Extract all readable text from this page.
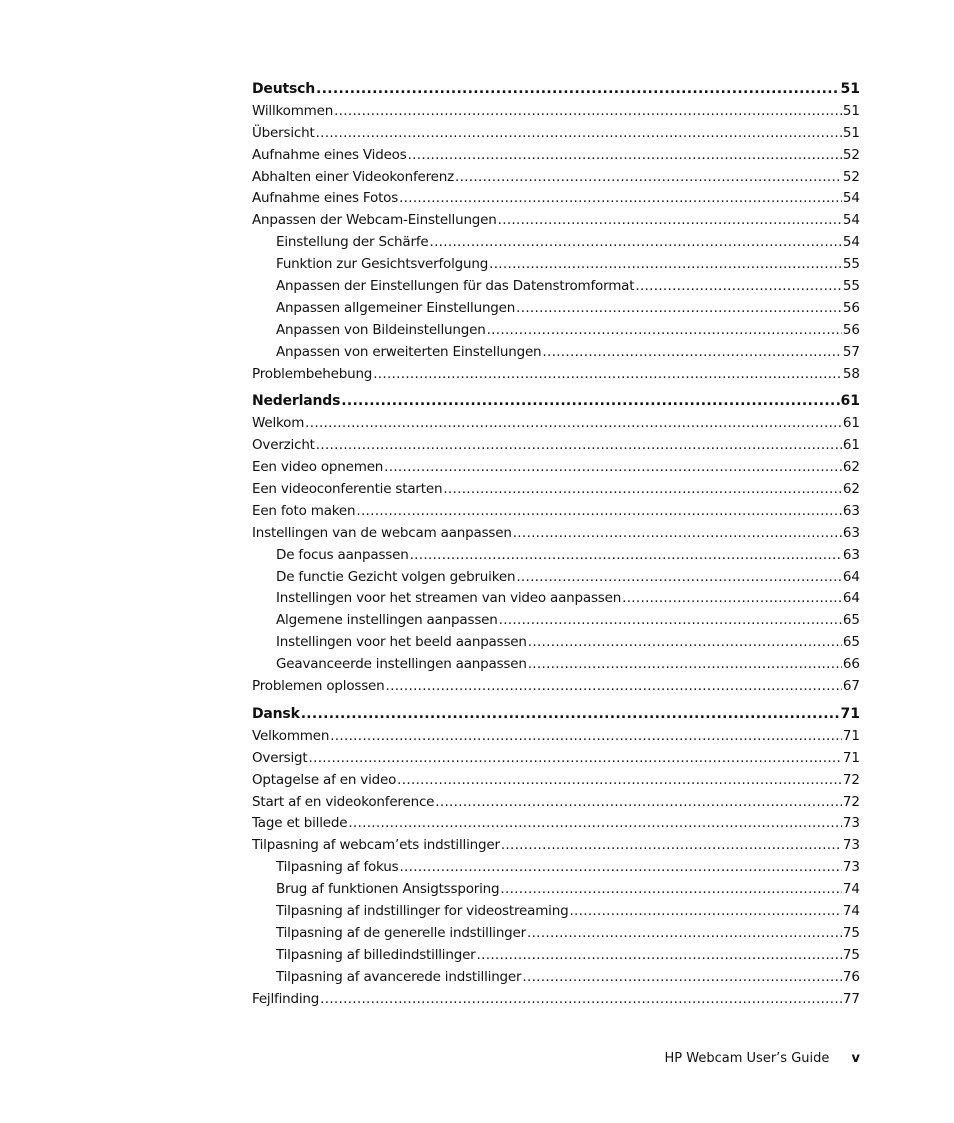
Deutsch .....	51
Willkommen .....	51
Übersicht .....	51
Aufnahme eines Videos .....	52
Abhalten einer Videokonferenz .....	52
Aufnahme eines Fotos .....	54
Anpassen der Webcam-Einstellungen .....	54
Einstellung der Schärfe .....	54
Funktion zur Gesichtsverfolgung .....	55
Anpassen der Einstellungen für das Datenstromformat .....	55
Anpassen allgemeiner Einstellungen .....	56
Anpassen von Bildeinstellungen .....	56
Anpassen von erweiterten Einstellungen .....	57
Problembehebung .....	58
Nederlands .....	61
Welkom .....	61
Overzicht .....	61
Een video opnemen .....	62
Een videoconferentie starten .....	62
Een foto maken .....	63
Instellingen van de webcam aanpassen .....	63
De focus aanpassen .....	63
De functie Gezicht volgen gebruiken .....	64
Instellingen voor het streamen van video aanpassen .....	64
Algemene instellingen aanpassen .....	65
Instellingen voor het beeld aanpassen .....	65
Geavanceerde instellingen aanpassen .....	66
Problemen oplossen .....	67
Dansk .....	71
Velkommen .....	71
Oversigt .....	71
Optagelse af en video .....	72
Start af en videokonference .....	72
Tage et billede .....	73
Tilpasning af webcam’ets indstillinger .....	73
Tilpasning af fokus .....	73
Brug af funktionen Ansigtssporing .....	74
Tilpasning af indstillinger for videostreaming .....	74
Tilpasning af de generelle indstillinger .....	75
Tilpasning af billedindstillinger .....	75
Tilpasning af avancerede indstillinger .....	76
Fejlfinding .....	77
HP Webcam User’s Guide v
